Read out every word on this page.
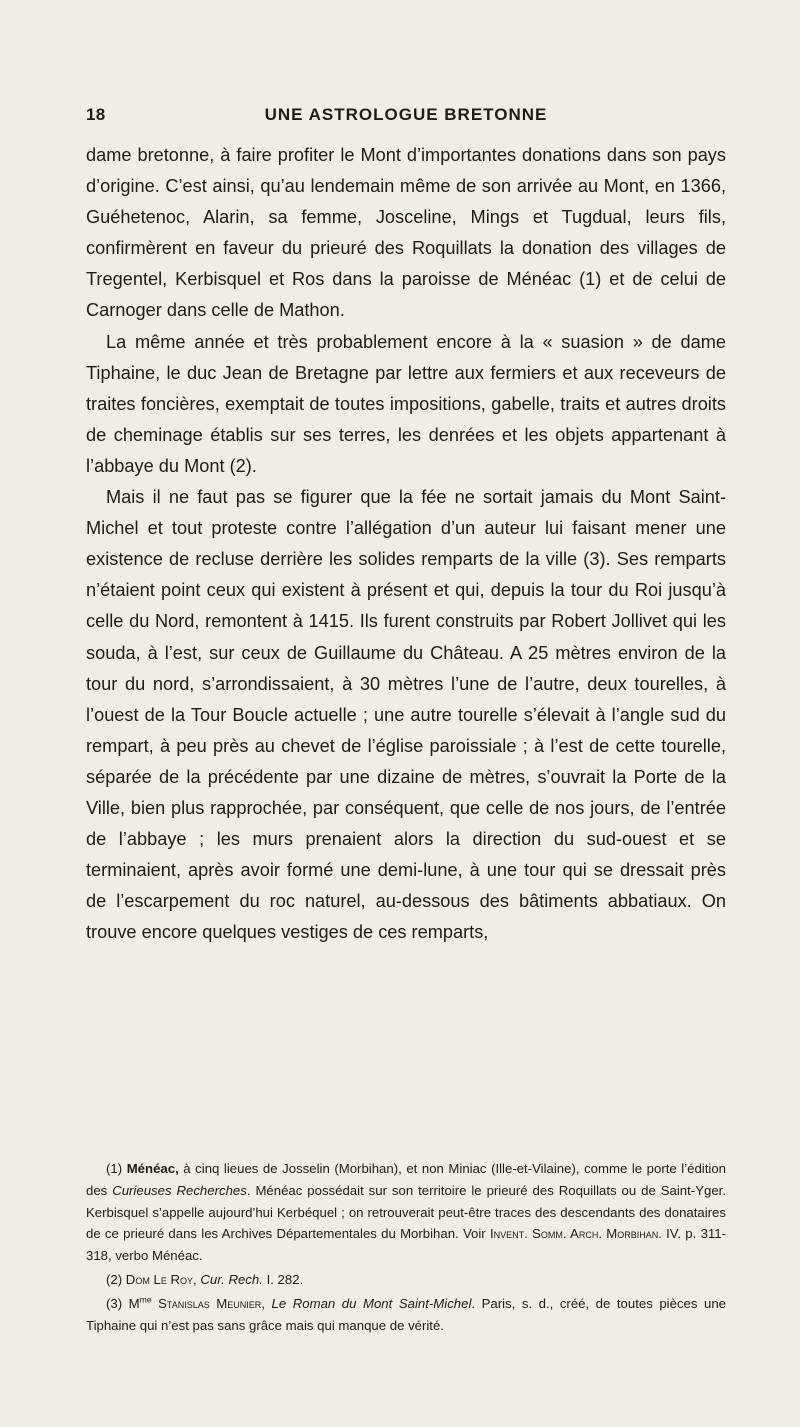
18	UNE ASTROLOGUE BRETONNE

dame bretonne, à faire profiter le Mont d’importantes donations dans son pays d’origine. C’est ainsi, qu’au lendemain même de son arrivée au Mont, en 1366, Guéhetenoc, Alarin, sa femme, Josceline, Mings et Tugdual, leurs fils, confirmèrent en faveur du prieuré des Roquillats la donation des villages de Tregentel, Kerbisquel et Ros dans la paroisse de Ménéac (1) et de celui de Carnoger dans celle de Mathon.

La même année et très probablement encore à la « suasion » de dame Tiphaine, le duc Jean de Bretagne par lettre aux fermiers et aux receveurs de traites foncières, exemptait de toutes impositions, gabelle, traits et autres droits de cheminage établis sur ses terres, les denrées et les objets appartenant à l’abbaye du Mont (2).

Mais il ne faut pas se figurer que la fée ne sortait jamais du Mont Saint-Michel et tout proteste contre l’allégation d’un auteur lui faisant mener une existence de recluse derrière les solides remparts de la ville (3). Ses remparts n’étaient point ceux qui existent à présent et qui, depuis la tour du Roi jusqu’à celle du Nord, remontent à 1415. Ils furent construits par Robert Jollivet qui les souda, à l’est, sur ceux de Guillaume du Château. A 25 mètres environ de la tour du nord, s’arrondissaient, à 30 mètres l’une de l’autre, deux tourelles, à l’ouest de la Tour Boucle actuelle ; une autre tourelle s’élevait à l’angle sud du rempart, à peu près au chevet de l’église paroissiale ; à l’est de cette tourelle, séparée de la précédente par une dizaine de mètres, s’ouvrait la Porte de la Ville, bien plus rapprochée, par conséquent, que celle de nos jours, de l’entrée de l’abbaye ; les murs prenaient alors la direction du sud-ouest et se terminaient, après avoir formé une demi-lune, à une tour qui se dressait près de l’escarpement du roc naturel, au-dessous des bâtiments abbatiaux. On trouve encore quelques vestiges de ces remparts,

(1) Ménéac, à cinq lieues de Josselin (Morbihan), et non Miniac (Ille-et-Vilaine), comme le porte l’édition des Curieuses Recherches. Ménéac possédait sur son territoire le prieuré des Roquillats ou de Saint-Yger. Kerbisquel s’appelle aujourd’hui Kerbéquel ; on retrouverait peut-être traces des descendants des donataires de ce prieuré dans les Archives Départementales du Morbihan. Voir Invent. Somm. Arch. Morbihan. IV. p. 311-318, verbo Ménéac.

(2) Dom Le Roy, Cur. Rech. I. 282.

(3) $M^{me}$ Stanislas Meunier, Le Roman du Mont Saint-Michel. Paris, s. d., créé, de toutes pièces une Tiphaine qui n’est pas sans grâce mais qui manque de vérité.
